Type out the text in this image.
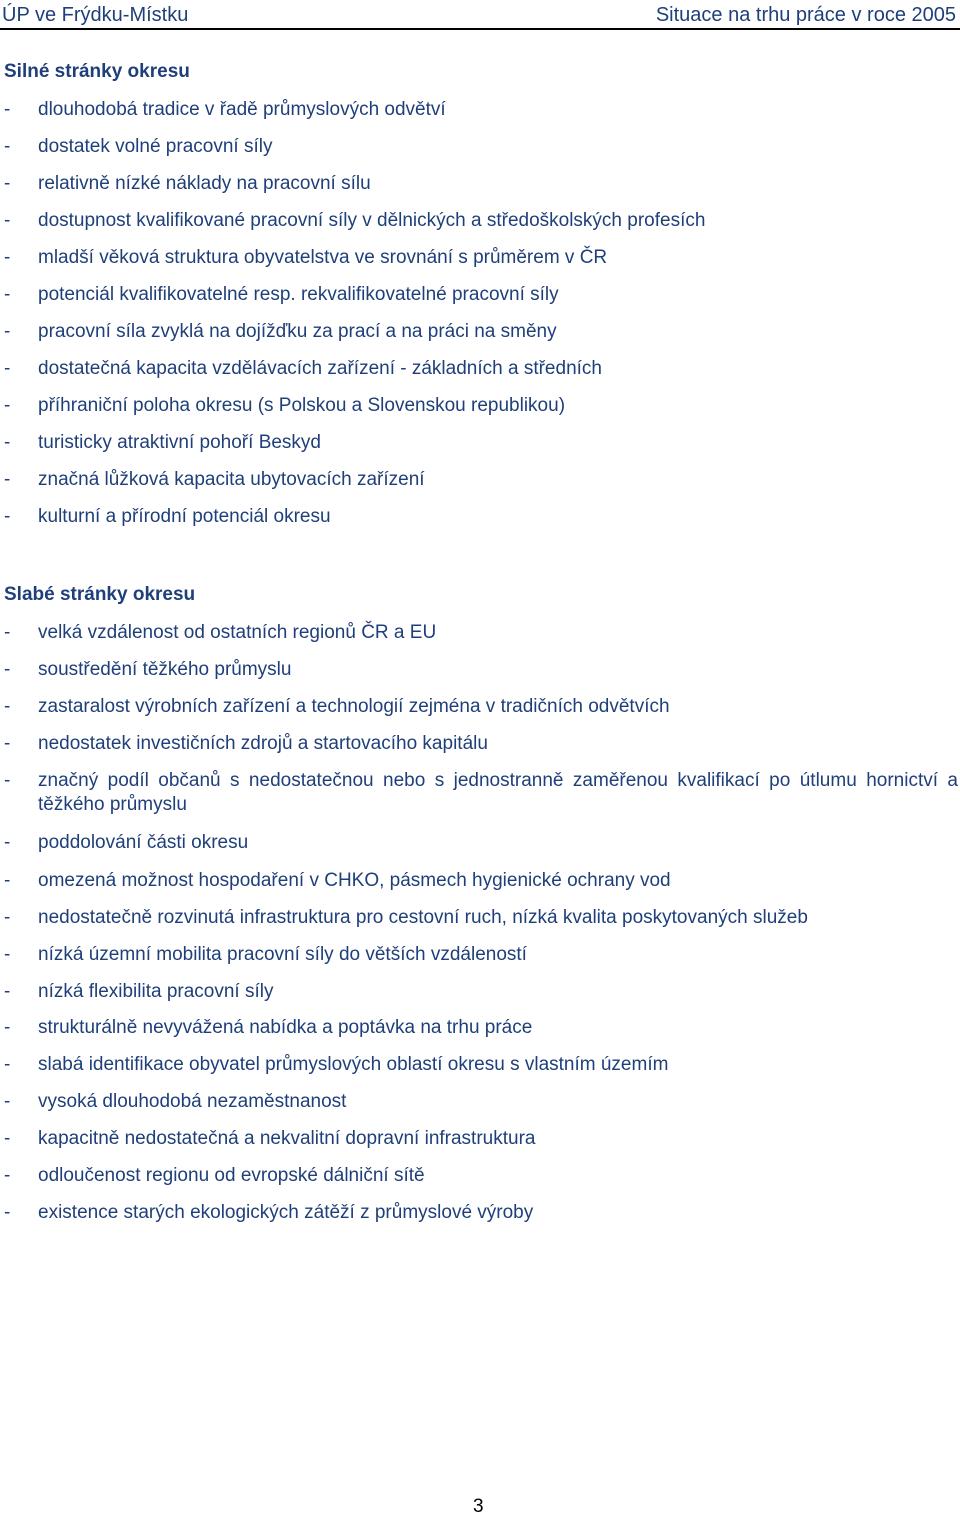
ÚP ve Frýdku-Místku	Situace na trhu práce v roce 2005
Silné stránky okresu
- dlouhodobá tradice v řadě průmyslových odvětví
- dostatek volné pracovní síly
- relativně nízké náklady na pracovní sílu
- dostupnost kvalifikované pracovní síly v dělnických a středoškolských profesích
- mladší věková struktura obyvatelstva ve srovnání s průměrem v ČR
- potenciál kvalifikovatelné resp. rekvalifikovatelné pracovní síly
- pracovní síla zvyklá na dojížďku za prací a na práci na směny
- dostatečná kapacita vzdělávacích zařízení - základních a středních
- příhraniční poloha okresu (s Polskou a Slovenskou republikou)
- turisticky atraktivní pohoří Beskyd
- značná lůžková kapacita ubytovacích zařízení
- kulturní a přírodní potenciál okresu
Slabé stránky okresu
- velká vzdálenost od ostatních regionů ČR a EU
- soustředění těžkého průmyslu
- zastaralost výrobních zařízení a technologií zejména v tradičních odvětvích
- nedostatek investičních zdrojů a startovacího kapitálu
- značný podíl občanů s nedostatečnou nebo s jednostranně zaměřenou kvalifikací po útlumu hornictví a těžkého průmyslu
- poddolování části okresu
- omezená možnost hospodaření v CHKO, pásmech hygienické ochrany vod
- nedostatečně rozvinutá infrastruktura pro cestovní ruch, nízká kvalita poskytovaných služeb
- nízká územní mobilita pracovní síly do větších vzdáleností
- nízká flexibilita pracovní síly
- strukturálně nevyvážená nabídka a poptávka na trhu práce
- slabá identifikace obyvatel průmyslových oblastí okresu s vlastním územím
- vysoká dlouhodobá nezaměstnanost
- kapacitně nedostatečná a nekvalitní dopravní infrastruktura
- odloučenost regionu od evropské dálniční sítě
- existence starých ekologických zátěží z průmyslové výroby
3
